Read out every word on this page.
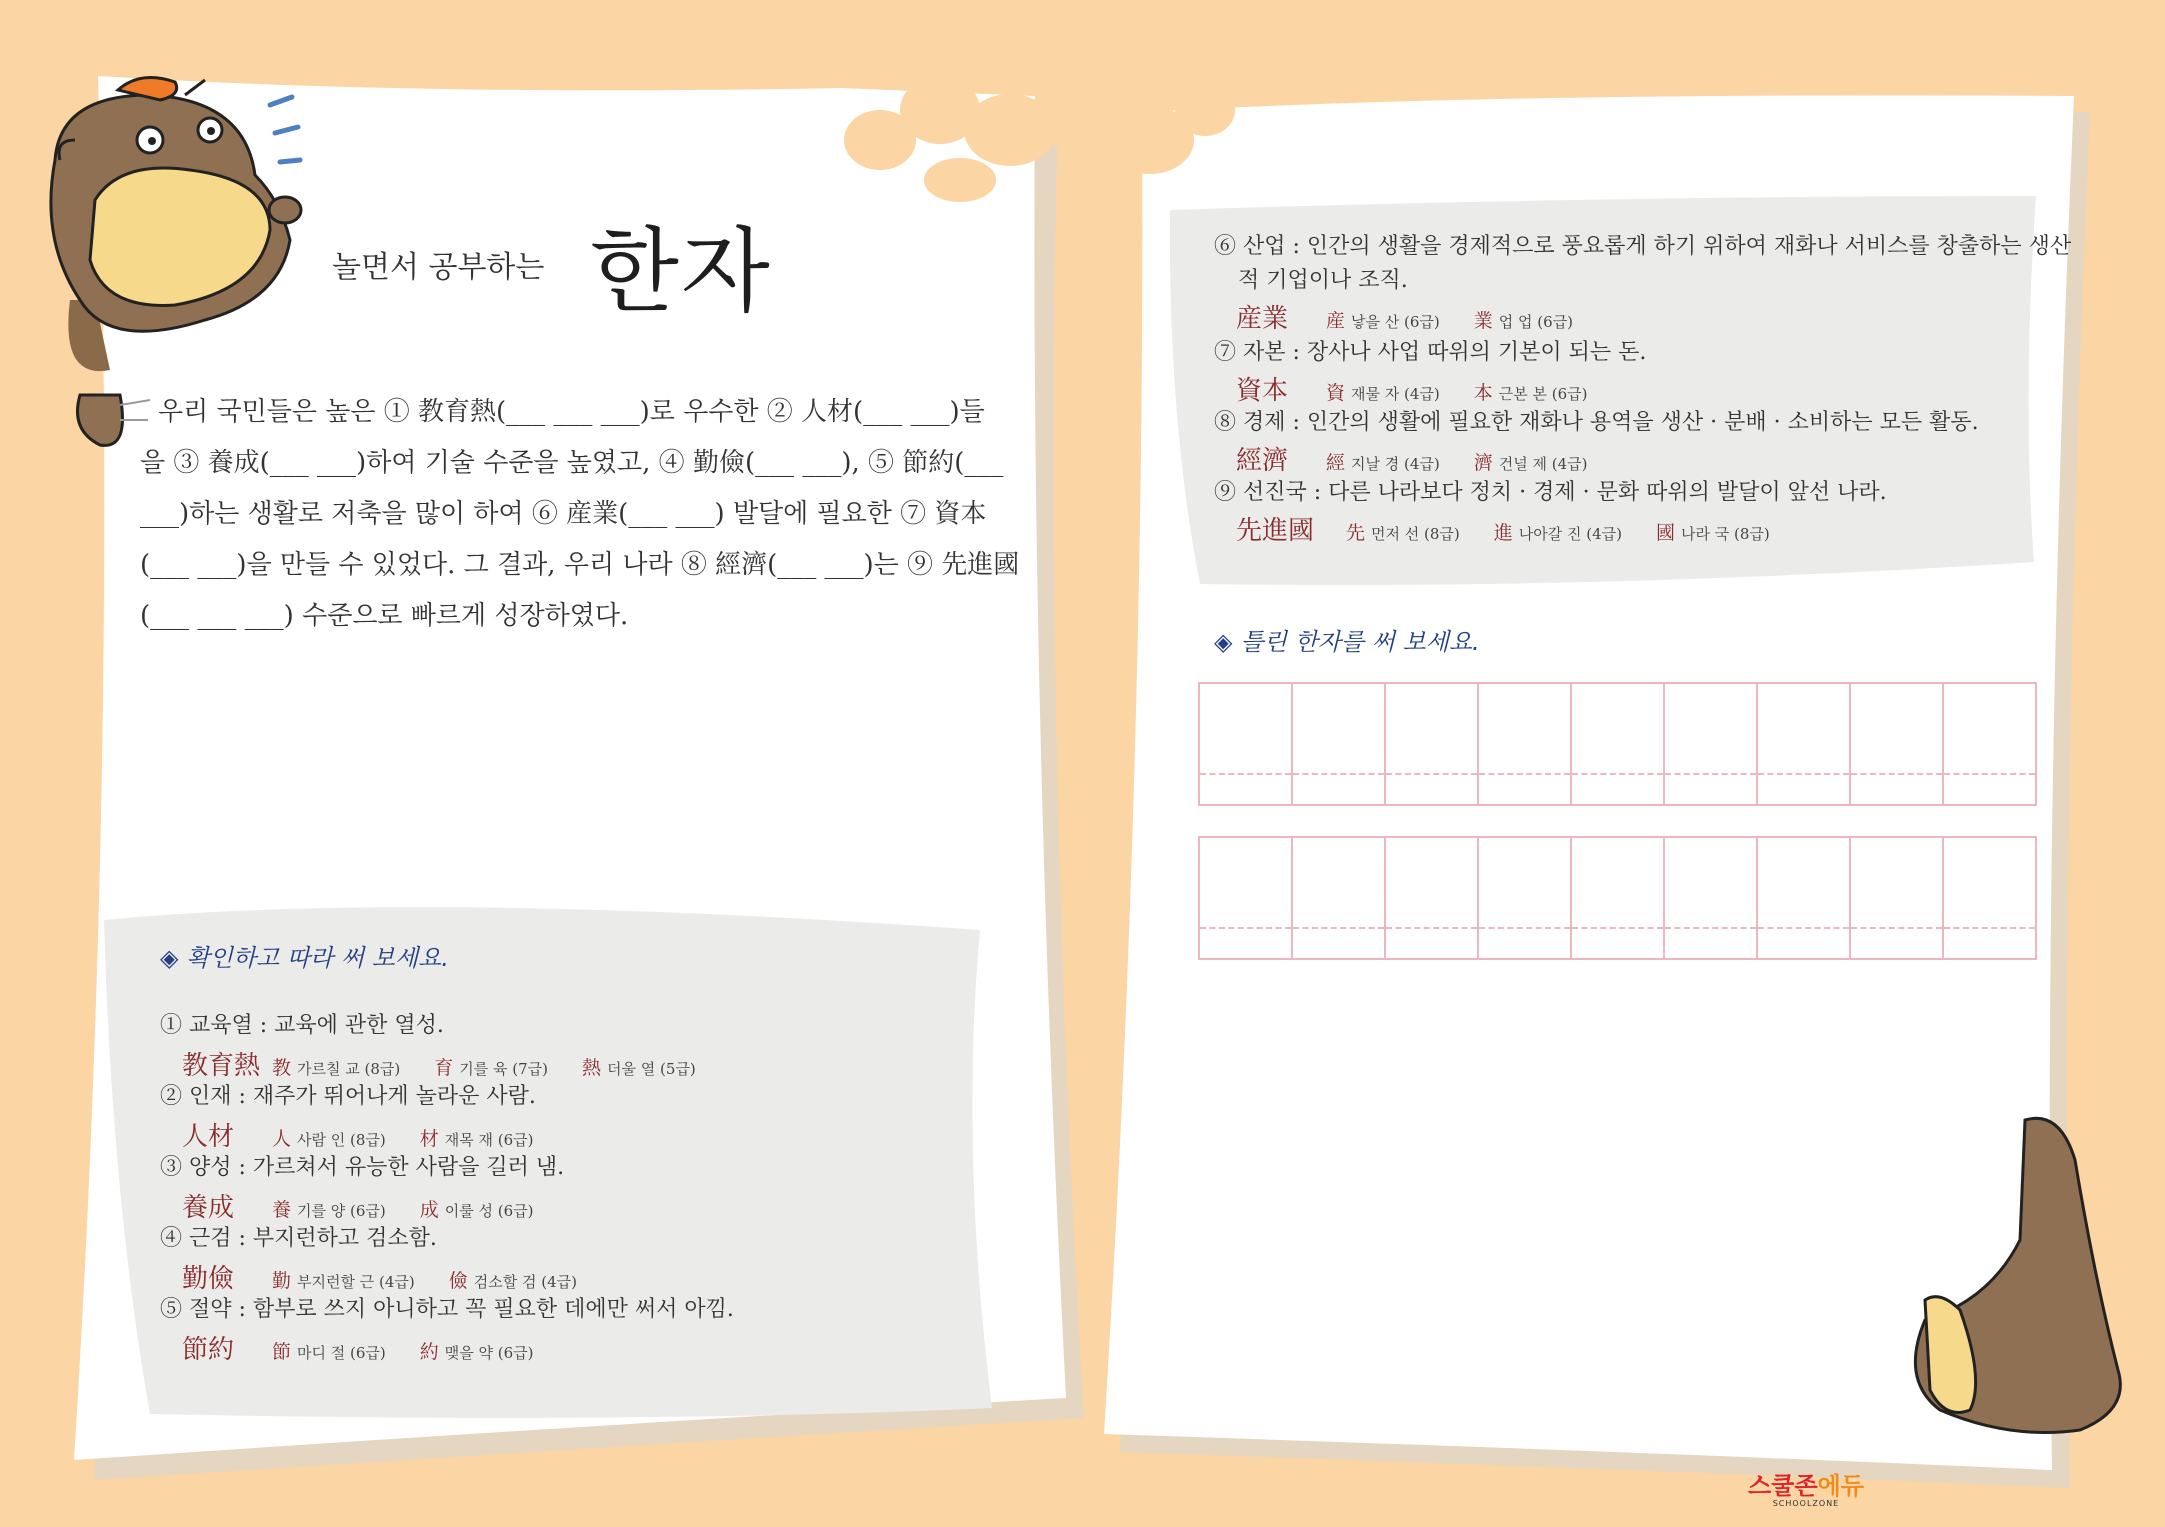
놀면서 공부하는 한자
우리 국민들은 높은 ① 教育熱(___ ___ ___)로 우수한 ② 人材(___ ___)들
을 ③ 養成(___ ___)하여 기술 수준을 높였고, ④ 勤儉(___ ___), ⑤ 節約(___
___)하는 생활로 저축을 많이 하여 ⑥ 産業(___ ___) 발달에 필요한 ⑦ 資本
(___ ___)을 만들 수 있었다. 그 결과, 우리 나라 ⑧ 經濟(___ ___)는 ⑨ 先進國
(___ ___ ___) 수준으로 빠르게 성장하였다.
◈ 확인하고 따라 써 보세요.
① 교육열 : 교육에 관한 열성.
教育熱 教 가르칠 교 (8급) 育 기를 육 (7급) 熱 더울 열 (5급)
② 인재 : 재주가 뛰어나게 놀라운 사람.
人材	人 사람 인 (8급) 材 재목 재 (6급)
③ 양성 : 가르쳐서 유능한 사람을 길러 냄.
養成	養 기를 양 (6급) 成 이룰 성 (6급)
④ 근검 : 부지런하고 검소함.
勤儉	勤 부지런할 근 (4급) 儉 검소할 검 (4급)
⑤ 절약 : 함부로 쓰지 아니하고 꼭 필요한 데에만 써서 아낌.
節約	節 마디 절 (6급) 約 맺을 약 (6급)
⑥ 산업 : 인간의 생활을 경제적으로 풍요롭게 하기 위하여 재화나 서비스를 창출하는 생산
적 기업이나 조직.
産業	産 낳을 산 (6급) 業 업 업 (6급)
⑦ 자본 : 장사나 사업 따위의 기본이 되는 돈.
資本	資 재물 자 (4급) 本 근본 본 (6급)
⑧ 경제 : 인간의 생활에 필요한 재화나 용역을 생산 · 분배 · 소비하는 모든 활동.
經濟	經 지날 경 (4급) 濟 건널 제 (4급)
⑨ 선진국 : 다른 나라보다 정치 · 경제 · 문화 따위의 발달이 앞선 나라.
先進國	先 먼저 선 (8급) 進 나아갈 진 (4급) 國 나라 국 (8급)
◈ 틀린 한자를 써 보세요.
스쿨존에듀
SCHOOLZONE
